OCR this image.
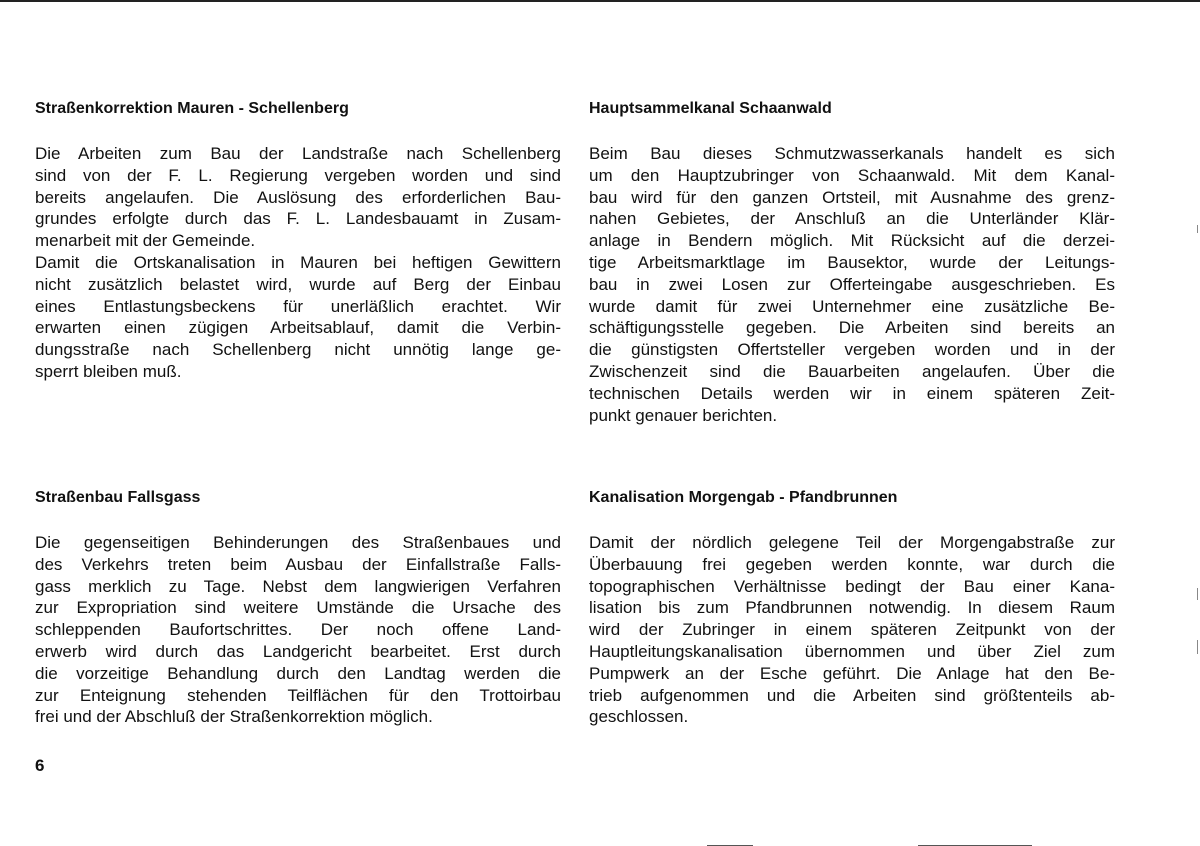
Straßenkorrektion Mauren - Schellenberg

Die Arbeiten zum Bau der Landstraße nach Schellenberg
sind von der F. L. Regierung vergeben worden und sind
bereits angelaufen. Die Auslösung des erforderlichen Bau-
grundes erfolgte durch das F. L. Landesbauamt in Zusam-
menarbeit mit der Gemeinde.
Damit die Ortskanalisation in Mauren bei heftigen Gewittern
nicht zusätzlich belastet wird, wurde auf Berg der Einbau
eines Entlastungsbeckens für unerläßlich erachtet. Wir
erwarten einen zügigen Arbeitsablauf, damit die Verbin-
dungsstraße nach Schellenberg nicht unnötig lange ge-
sperrt bleiben muß.

Hauptsammelkanal Schaanwald

Beim Bau dieses Schmutzwasserkanals handelt es sich
um den Hauptzubringer von Schaanwald. Mit dem Kanal-
bau wird für den ganzen Ortsteil, mit Ausnahme des grenz-
nahen Gebietes, der Anschluß an die Unterländer Klär-
anlage in Bendern möglich. Mit Rücksicht auf die derzei-
tige Arbeitsmarktlage im Bausektor, wurde der Leitungs-
bau in zwei Losen zur Offerteingabe ausgeschrieben. Es
wurde damit für zwei Unternehmer eine zusätzliche Be-
schäftigungsstelle gegeben. Die Arbeiten sind bereits an
die günstigsten Offertsteller vergeben worden und in der
Zwischenzeit sind die Bauarbeiten angelaufen. Über die
technischen Details werden wir in einem späteren Zeit-
punkt genauer berichten.

Straßenbau Fallsgass

Die gegenseitigen Behinderungen des Straßenbaues und
des Verkehrs treten beim Ausbau der Einfallstraße Falls-
gass merklich zu Tage. Nebst dem langwierigen Verfahren
zur Expropriation sind weitere Umstände die Ursache des
schleppenden Baufortschrittes. Der noch offene Land-
erwerb wird durch das Landgericht bearbeitet. Erst durch
die vorzeitige Behandlung durch den Landtag werden die
zur Enteignung stehenden Teilflächen für den Trottoirbau
frei und der Abschluß der Straßenkorrektion möglich.

Kanalisation Morgengab - Pfandbrunnen

Damit der nördlich gelegene Teil der Morgengabstraße zur
Überbauung frei gegeben werden konnte, war durch die
topographischen Verhältnisse bedingt der Bau einer Kana-
lisation bis zum Pfandbrunnen notwendig. In diesem Raum
wird der Zubringer in einem späteren Zeitpunkt von der
Hauptleitungskanalisation übernommen und über Ziel zum
Pumpwerk an der Esche geführt. Die Anlage hat den Be-
trieb aufgenommen und die Arbeiten sind größtenteils ab-
geschlossen.

6
